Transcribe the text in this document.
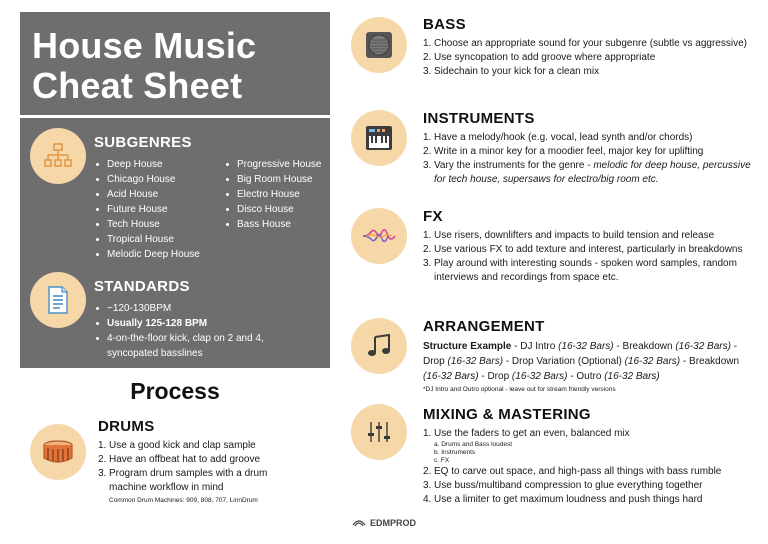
House Music
Cheat Sheet
SUBGENRES
Deep House
Chicago House
Acid House
Future House
Tech House
Tropical House
Melodic Deep House
Progressive House
Big Room House
Electro House
Disco House
Bass House
STANDARDS
~120-130BPM
Usually 125-128 BPM
4-on-the-floor kick, clap on 2 and 4, syncopated basslines
Process
DRUMS
1. Use a good kick and clap sample
2. Have an offbeat hat to add groove
3. Program drum samples with a drum machine workflow in mind
Common Drum Machines: 909, 808, 707, LinnDrum
BASS
1. Choose an appropriate sound for your subgenre (subtle vs aggressive)
2. Use syncopation to add groove where appropriate
3. Sidechain to your kick for a clean mix
INSTRUMENTS
1. Have a melody/hook (e.g. vocal, lead synth and/or chords)
2. Write in a minor key for a moodier feel, major key for uplifting
3. Vary the instruments for the genre - melodic for deep house, percussive for tech house, supersaws for electro/big room etc.
FX
1. Use risers, downlifters and impacts to build tension and release
2. Use various FX to add texture and interest, particularly in breakdowns
3. Play around with interesting sounds - spoken word samples, random interviews and recordings from space etc.
ARRANGEMENT
Structure Example - DJ Intro (16-32 Bars) - Breakdown (16-32 Bars) - Drop (16-32 Bars) - Drop Variation (Optional) (16-32 Bars) - Breakdown (16-32 Bars) - Drop (16-32 Bars) - Outro (16-32 Bars)
*DJ Intro and Outro optional - leave out for stream friendly versions
MIXING & MASTERING
1. Use the faders to get an even, balanced mix
a. Drums and Bass loudest
b. Instruments
c. FX
2. EQ to carve out space, and high-pass all things with bass rumble
3. Use buss/multiband compression to glue everything together
4. Use a limiter to get maximum loudness and push things hard
EDMPROD
